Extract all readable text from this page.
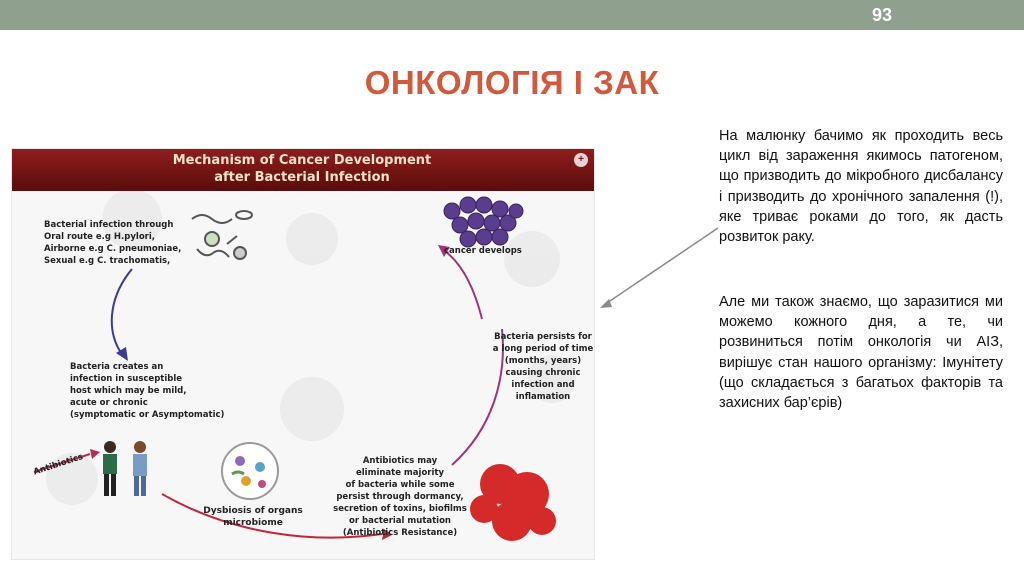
93
ОНКОЛОГІЯ І ЗАК
Mechanism of Cancer Development
after Bacterial Infection
+
Bacterial infection through
Oral route e.g H.pylori,
Airborne e.g C. pneumoniae,
Sexual e.g C. trachomatis,
cancer develops
Bacteria creates an
infection in susceptible
host which may be mild,
acute or chronic
(symptomatic or Asymptomatic)
Bacteria persists for
a long period of time
(months, years)
causing chronic
infection and
inflamation
Antibiotics may
eliminate majority
of bacteria while some
persist through dormancy,
secretion of toxins, biofilms
or bacterial mutation
(Antibiotics Resistance)
Dysbiosis of organs
microbiome
Antibiotics
На малюнку бачимо як проходить весь цикл від зараження якимось патогеном, що призводить до мікробного дисбалансу і призводить до хронічного запалення (!), яке триває роками до того, як дасть розвиток раку.
Але ми також знаємо, що заразитися ми можемо кожного дня, а те, чи розвиниться потім онкологія чи АІЗ, вирішує стан нашого організму: Імунітету (що складається з багатьох факторів та захисних бар’єрів)
